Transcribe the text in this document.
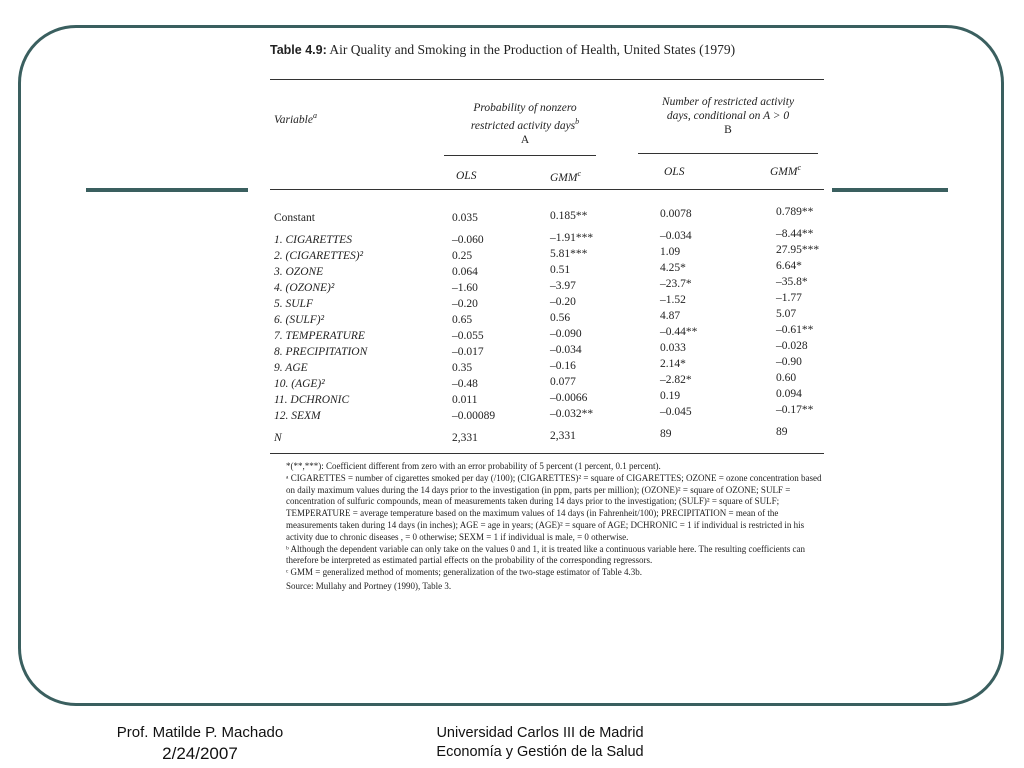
Table 4.9: Air Quality and Smoking in the Production of Health, United States (1979)
Variable$^a$
Probability of nonzero
restricted activity days$^b$
A
Number of restricted activity
days, conditional on A > 0
B
OLS	GMM$^c$	OLS	GMM$^c$
Constant	0.035	0.185**	0.0078	0.789**
1. CIGARETTES	–0.060	–1.91***	–0.034	–8.44**
2. (CIGARETTES)²	0.25	5.81***	1.09	27.95***
3. OZONE	0.064	0.51	4.25*	6.64*
4. (OZONE)²	–1.60	–3.97	–23.7*	–35.8*
5. SULF	–0.20	–0.20	–1.52	–1.77
6. (SULF)²	0.65	0.56	4.87	5.07
7. TEMPERATURE	–0.055	–0.090	–0.44**	–0.61**
8. PRECIPITATION	–0.017	–0.034	0.033	–0.028
9. AGE	0.35	–0.16	2.14*	–0.90
10. (AGE)²	–0.48	0.077	–2.82*	0.60
11. DCHRONIC	0.011	–0.0066	0.19	0.094
12. SEXM	–0.00089	–0.032**	–0.045	–0.17**
N	2,331	2,331	89	89

*(**,***): Coefficient different from zero with an error probability of 5 percent (1 percent, 0.1 percent).

ᵃ CIGARETTES = number of cigarettes smoked per day (/100); (CIGARETTES)² = square of CIGARETTES; OZONE = ozone concentration based on daily maximum values during the 14 days prior to the investigation (in ppm, parts per million); (OZONE)² = square of OZONE; SULF = concentration of sulfuric compounds, mean of measurements taken during 14 days prior to the investigation; (SULF)² = square of SULF; TEMPERATURE = average temperature based on the maximum values of 14 days (in Fahrenheit/100); PRECIPITATION = mean of the measurements taken during 14 days (in inches); AGE = age in years; (AGE)² = square of AGE; DCHRONIC = 1 if individual is restricted in his activity due to chronic diseases , = 0 otherwise; SEXM = 1 if individual is male, = 0 otherwise.

ᵇ Although the dependent variable can only take on the values 0 and 1, it is treated like a continuous variable here. The resulting coefficients can therefore be interpreted as estimated partial effects on the probability of the corresponding regressors.

ᶜ GMM = generalized method of moments; generalization of the two-stage estimator of Table 4.3b.

Source: Mullahy and Portney (1990), Table 3.

Prof. Matilde P. Machado
2/24/2007
Universidad Carlos III de Madrid
Economía y Gestión de la Salud
